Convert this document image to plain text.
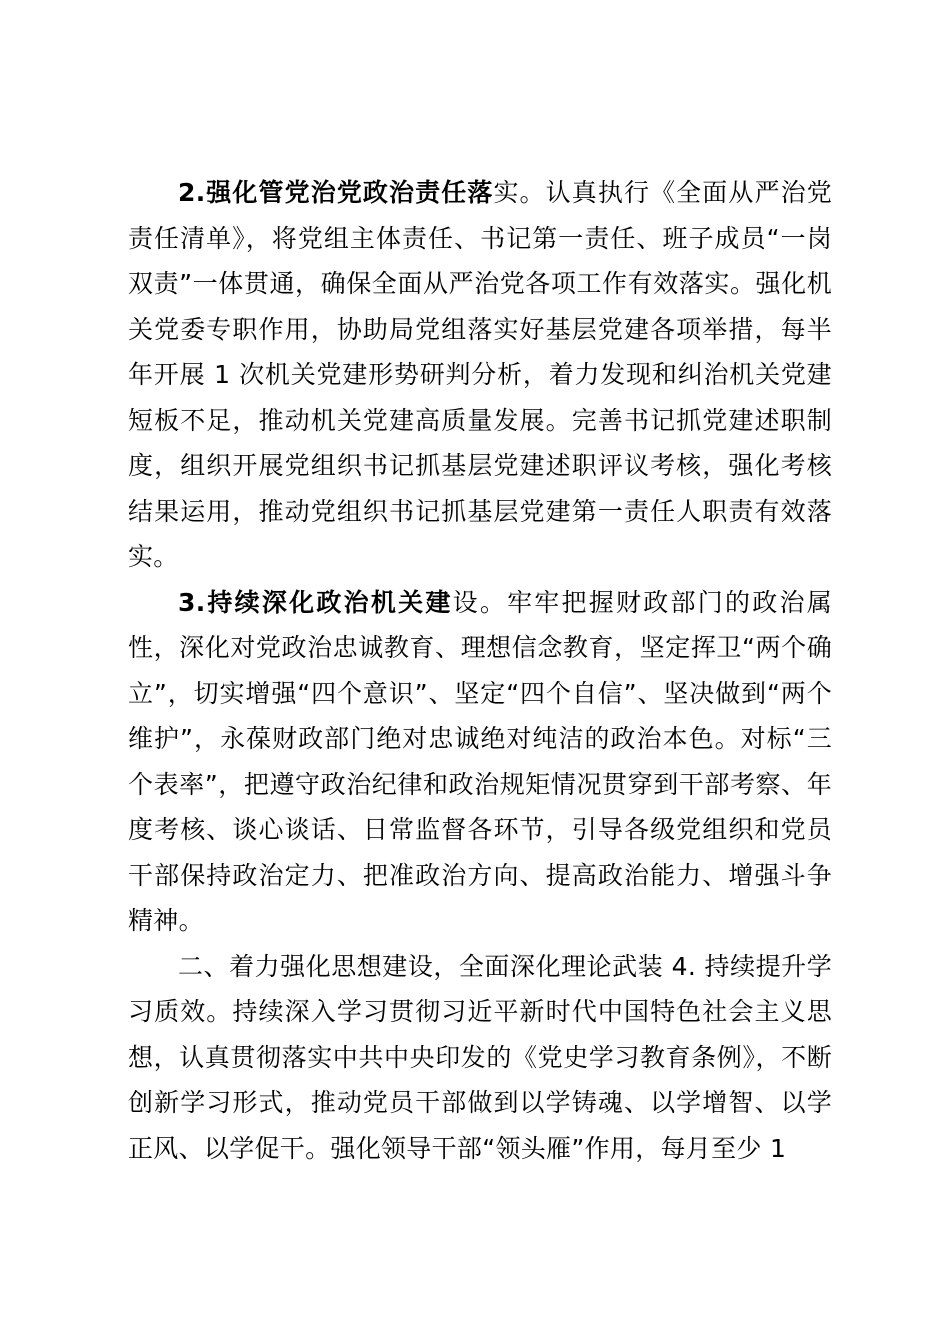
2.强化管党治党政治责任落实。认真执行《全面从严治党责任清单》，将党组主体责任、书记第一责任、班子成员“一岗双责”一体贯通，确保全面从严治党各项工作有效落实。强化机关党委专职作用，协助局党组落实好基层党建各项举措，每半年开展 1 次机关党建形势研判分析，着力发现和纠治机关党建短板不足，推动机关党建高质量发展。完善书记抓党建述职制度，组织开展党组织书记抓基层党建述职评议考核，强化考核结果运用，推动党组织书记抓基层党建第一责任人职责有效落实。

3.持续深化政治机关建设。牢牢把握财政部门的政治属性，深化对党政治忠诚教育、理想信念教育，坚定挥卫“两个确立”，切实增强“四个意识”、坚定“四个自信”、坚决做到“两个维护”，永葆财政部门绝对忠诚绝对纯洁的政治本色。对标“三个表率”，把遵守政治纪律和政治规矩情况贯穿到干部考察、年度考核、谈心谈话、日常监督各环节，引导各级党组织和党员干部保持政治定力、把准政治方向、提高政治能力、增强斗争精神。

二、着力强化思想建设，全面深化理论武装 4. 持续提升学习质效。持续深入学习贯彻习近平新时代中国特色社会主义思想，认真贯彻落实中共中央印发的《党史学习教育条例》，不断创新学习形式，推动党员干部做到以学铸魂、以学增智、以学正风、以学促干。强化领导干部“领头雁”作用，每月至少 1
